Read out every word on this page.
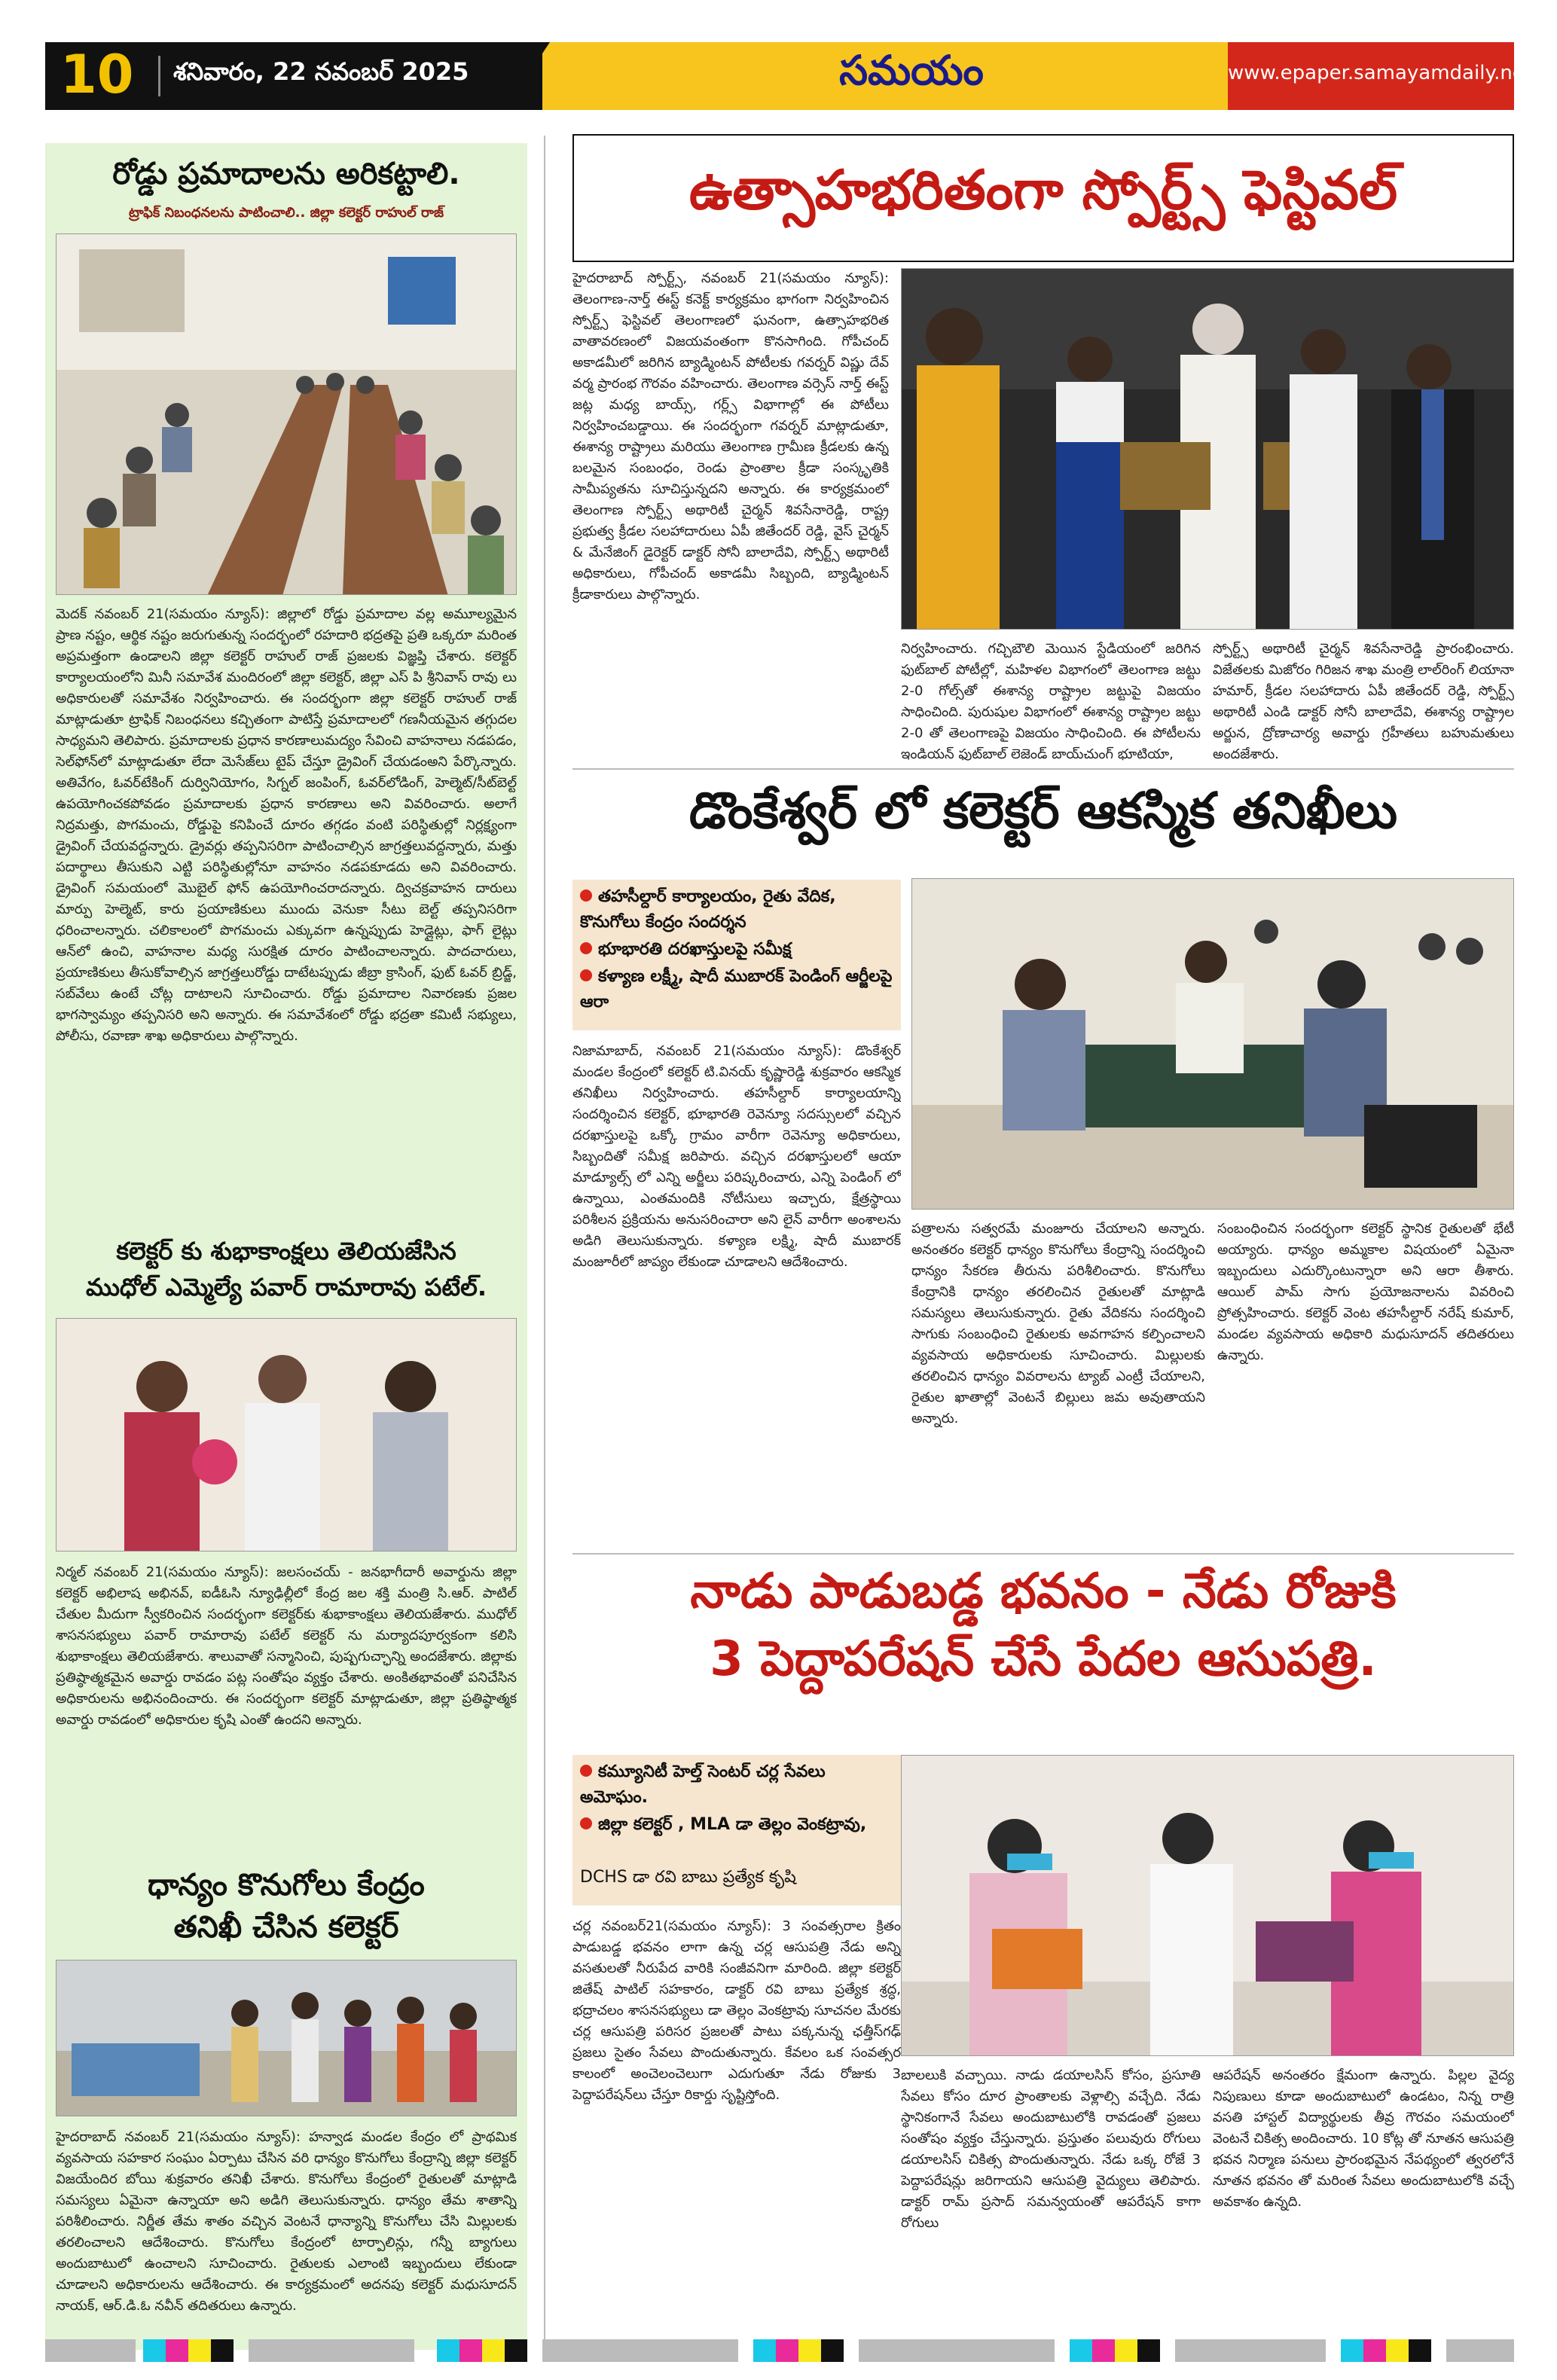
10 శనివారం, 22 నవంబర్ 2025	సమయం	www.epaper.samayamdaily.net
రోడ్డు ప్రమాదాలను అరికట్టాలి.
ట్రాఫిక్ నిబంధనలను పాటించాలి.. జిల్లా కలెక్టర్ రాహుల్ రాజ్
మెదక్ నవంబర్ 21(సమయం న్యూస్): జిల్లాలో రోడ్డు ప్రమాదాల వల్ల అమూల్యమైన ప్రాణ నష్టం, ఆర్థిక నష్టం జరుగుతున్న సందర్భంలో రహదారి భద్రతపై ప్రతి ఒక్కరూ మరింత అప్రమత్తంగా ఉండాలని జిల్లా కలెక్టర్ రాహుల్ రాజ్ ప్రజలకు విజ్ఞప్తి చేశారు. కలెక్టర్ కార్యాలయంలోని మినీ సమావేశ మందిరంలో జిల్లా కలెక్టర్, జిల్లా ఎస్ పి శ్రీనివాస్ రావు లు అధికారులతో సమావేశం నిర్వహించారు. ఈ సందర్భంగా జిల్లా కలెక్టర్ రాహుల్ రాజ్ మాట్లాడుతూ ట్రాఫిక్ నిబంధనలు కచ్చితంగా పాటిస్తే ప్రమాదాలలో గణనీయమైన తగ్గుదల సాధ్యమని తెలిపారు. ప్రమాదాలకు ప్రధాన కారణాలుమద్యం సేవించి వాహనాలు నడపడం, సెల్‌ఫోన్‌లో మాట్లాడుతూ లేదా మెసేజ్‌లు టైప్ చేస్తూ డ్రైవింగ్ చేయడంఅని పేర్కొన్నారు. అతివేగం, ఓవర్‌టేకింగ్ దుర్వినియోగం, సిగ్నల్ జంపింగ్, ఓవర్‌లోడింగ్, హెల్మెట్/సీట్‌బెల్ట్ ఉపయోగించకపోవడం ప్రమాదాలకు ప్రధాన కారణాలు అని వివరించారు. అలాగే నిద్రమత్తు, పొగమంచు, రోడ్డుపై కనిపించే దూరం తగ్గడం వంటి పరిస్థితుల్లో నిర్లక్ష్యంగా డ్రైవింగ్ చేయవద్దన్నారు. డ్రైవర్లు తప్పనిసరిగా పాటించాల్సిన జాగ్రత్తలువద్దన్నారు, మత్తు పదార్థాలు తీసుకుని ఎట్టి పరిస్థితుల్లోనూ వాహనం నడపకూడదు అని వివరించారు. డ్రైవింగ్ సమయంలో మొబైల్ ఫోన్ ఉపయోగించరాదన్నారు. ద్విచక్రవాహన దారులు మార్పు హెల్మెట్, కారు ప్రయాణికులు ముందు వెనుకా సీటు బెల్ట్ తప్పనిసరిగా ధరించాలన్నారు. చలికాలంలో పొగమంచు ఎక్కువగా ఉన్నప్పుడు హెడ్లైట్లు, ఫాగ్ లైట్లు ఆన్‌లో ఉంచి, వాహనాల మధ్య సురక్షిత దూరం పాటించాలన్నారు. పాదచారులు, ప్రయాణికులు తీసుకోవాల్సిన జాగ్రత్తలురోడ్డు దాటేటప్పుడు జీబ్రా క్రాసింగ్, ఫుట్ ఓవర్ బ్రిడ్జ్, సబ్‌వేలు ఉంటే చోట్ల దాటాలని సూచించారు. రోడ్డు ప్రమాదాల నివారణకు ప్రజల భాగస్వామ్యం తప్పనిసరి అని అన్నారు. ఈ సమావేశంలో రోడ్డు భద్రతా కమిటీ సభ్యులు, పోలీసు, రవాణా శాఖ అధికారులు పాల్గొన్నారు.
కలెక్టర్ కు శుభాకాంక్షలు తెలియజేసిన
ముధోల్ ఎమ్మెల్యే పవార్ రామారావు పటేల్.
నిర్మల్ నవంబర్ 21(సమయం న్యూస్): జలసంచయ్ - జనభాగీదారీ అవార్డును జిల్లా కలెక్టర్ అభిలాష అభినవ్, ఐడీఓసి న్యూఢిల్లీలో కేంద్ర జల శక్తి మంత్రి సి.ఆర్. పాటిల్ చేతుల మీదుగా స్వీకరించిన సందర్భంగా కలెక్టర్‌కు శుభాకాంక్షలు తెలియజేశారు. ముధోల్ శాసనసభ్యులు పవార్ రామారావు పటేల్ కలెక్టర్ ను మర్యాదపూర్వకంగా కలిసి శుభాకాంక్షలు తెలియజేశారు. శాలువాతో సన్మానించి, పుష్పగుచ్ఛాన్ని అందజేశారు. జిల్లాకు ప్రతిష్ఠాత్మకమైన అవార్డు రావడం పట్ల సంతోషం వ్యక్తం చేశారు. అంకితభావంతో పనిచేసిన అధికారులను అభినందించారు. ఈ సందర్భంగా కలెక్టర్ మాట్లాడుతూ, జిల్లా ప్రతిష్ఠాత్మక అవార్డు రావడంలో అధికారుల కృషి ఎంతో ఉందని అన్నారు.
ధాన్యం కొనుగోలు కేంద్రం
తనిఖీ చేసిన కలెక్టర్
హైదరాబాద్ నవంబర్ 21(సమయం న్యూస్): హన్వాడ మండల కేంద్రం లో ప్రాథమిక వ్యవసాయ సహకార సంఘం ఏర్పాటు చేసిన వరి ధాన్యం కొనుగోలు కేంద్రాన్ని జిల్లా కలెక్టర్ విజయేందిర బోయి శుక్రవారం తనిఖీ చేశారు. కొనుగోలు కేంద్రంలో రైతులతో మాట్లాడి సమస్యలు ఏమైనా ఉన్నాయా అని అడిగి తెలుసుకున్నారు. ధాన్యం తేమ శాతాన్ని పరిశీలించారు. నిర్ణీత తేమ శాతం వచ్చిన వెంటనే ధాన్యాన్ని కొనుగోలు చేసి మిల్లులకు తరలించాలని ఆదేశించారు. కొనుగోలు కేంద్రంలో టార్పాలిన్లు, గన్నీ బ్యాగులు అందుబాటులో ఉంచాలని సూచించారు. రైతులకు ఎలాంటి ఇబ్బందులు లేకుండా చూడాలని అధికారులను ఆదేశించారు. ఈ కార్యక్రమంలో అదనపు కలెక్టర్ మధుసూదన్ నాయక్, ఆర్.డి.ఓ నవీన్ తదితరులు ఉన్నారు.
ఉత్సాహభరితంగా స్పోర్ట్స్ ఫెస్టివల్
హైదరాబాద్ స్పోర్ట్స్, నవంబర్ 21(సమయం న్యూస్): తెలంగాణ-నార్త్ ఈస్ట్ కనెక్ట్ కార్యక్రమం భాగంగా నిర్వహించిన స్పోర్ట్స్ ఫెస్టివల్ తెలంగాణలో ఘనంగా, ఉత్సాహభరిత వాతావరణంలో విజయవంతంగా కొనసాగింది. గోపీచంద్ అకాడమీలో జరిగిన బ్యాడ్మింటన్ పోటీలకు గవర్నర్ విష్ణు దేవ్ వర్మ ప్రారంభ గౌరవం వహించారు. తెలంగాణ వర్సెస్ నార్త్ ఈస్ట్ జట్ల మధ్య బాయ్స్, గర్ల్స్ విభాగాల్లో ఈ పోటీలు నిర్వహించబడ్డాయి. ఈ సందర్భంగా గవర్నర్ మాట్లాడుతూ, ఈశాన్య రాష్ట్రాలు మరియు తెలంగాణ గ్రామీణ క్రీడలకు ఉన్న బలమైన సంబంధం, రెండు ప్రాంతాల క్రీడా సంస్కృతికి సామీప్యతను సూచిస్తున్నదని అన్నారు. ఈ కార్యక్రమంలో తెలంగాణ స్పోర్ట్స్ అథారిటీ చైర్మన్ శివసేనారెడ్డి, రాష్ట్ర ప్రభుత్వ క్రీడల సలహాదారులు ఏపీ జితేందర్ రెడ్డి, వైస్ చైర్మన్ & మేనేజింగ్ డైరెక్టర్ డాక్టర్ సోనీ బాలాదేవి, స్పోర్ట్స్ అథారిటీ అధికారులు, గోపీచంద్ అకాడమీ సిబ్బంది, బ్యాడ్మింటన్ క్రీడాకారులు పాల్గొన్నారు.
నిర్వహించారు. గచ్చిబౌలి మెయిన స్టేడియంలో జరిగిన ఫుట్‌బాల్ పోటీల్లో, మహిళల విభాగంలో తెలంగాణ జట్టు 2-0 గోల్స్‌తో ఈశాన్య రాష్ట్రాల జట్టుపై విజయం సాధించింది. పురుషుల విభాగంలో ఈశాన్య రాష్ట్రాల జట్టు 2-0 తో తెలంగాణపై విజయం సాధించింది. ఈ పోటీలను ఇండియన్ ఫుట్‌బాల్ లెజెండ్ బాయ్‌చుంగ్ భూటియా,
స్పోర్ట్స్ అథారిటీ చైర్మన్ శివసేనారెడ్డి ప్రారంభించారు. విజేతలకు మిజోరం గిరిజన శాఖ మంత్రి లాల్‌రింగ్ లియానా హమార్, క్రీడల సలహాదారు ఏపీ జితేందర్ రెడ్డి, స్పోర్ట్స్ అథారిటీ ఎండి డాక్టర్ సోనీ బాలాదేవి, ఈశాన్య రాష్ట్రాల అర్జున, ద్రోణాచార్య అవార్డు గ్రహీతలు బహుమతులు అందజేశారు.
డొంకేశ్వర్ లో కలెక్టర్ ఆకస్మిక తనిఖీలు
తహసీల్దార్ కార్యాలయం, రైతు వేదిక, కొనుగోలు కేంద్రం సందర్శన
భూభారతి దరఖాస్తులపై సమీక్ష
కళ్యాణ లక్ష్మీ, షాదీ ముబారక్ పెండింగ్ ఆర్జీలపై ఆరా
నిజామాబాద్, నవంబర్ 21(సమయం న్యూస్): డొంకేశ్వర్ మండల కేంద్రంలో కలెక్టర్ టి.వినయ్ కృష్ణారెడ్డి శుక్రవారం ఆకస్మిక తనిఖీలు నిర్వహించారు. తహసీల్దార్ కార్యాలయాన్ని సందర్శించిన కలెక్టర్, భూభారతి రెవెన్యూ సదస్సులలో వచ్చిన దరఖాస్తులపై ఒక్కో గ్రామం వారీగా రెవెన్యూ అధికారులు, సిబ్బందితో సమీక్ష జరిపారు. వచ్చిన దరఖాస్తులలో ఆయా మాడ్యూల్స్ లో ఎన్ని అర్జీలు పరిష్కరించారు, ఎన్ని పెండింగ్ లో ఉన్నాయి, ఎంతమందికి నోటీసులు ఇచ్చారు, క్షేత్రస్థాయి పరిశీలన ప్రక్రియను అనుసరించారా అని లైన్ వారీగా అంశాలను అడిగి తెలుసుకున్నారు. కళ్యాణ లక్ష్మి, షాదీ ముబారక్ మంజూరీలో జాప్యం లేకుండా చూడాలని ఆదేశించారు.
పత్రాలను సత్వరమే మంజూరు చేయాలని అన్నారు. అనంతరం కలెక్టర్ ధాన్యం కొనుగోలు కేంద్రాన్ని సందర్శించి ధాన్యం సేకరణ తీరును పరిశీలించారు. కొనుగోలు కేంద్రానికి ధాన్యం తరలించిన రైతులతో మాట్లాడి సమస్యలు తెలుసుకున్నారు. రైతు వేదికను సందర్శించి సాగుకు సంబంధించి రైతులకు అవగాహన కల్పించాలని వ్యవసాయ అధికారులకు సూచించారు. మిల్లులకు తరలించిన ధాన్యం వివరాలను ట్యాబ్ ఎంట్రీ చేయాలని, రైతుల ఖాతాల్లో వెంటనే బిల్లులు జమ అవుతాయని అన్నారు.
సంబంధించిన సందర్భంగా కలెక్టర్ స్థానిక రైతులతో భేటీ అయ్యారు. ధాన్యం అమ్మకాల విషయంలో ఏమైనా ఇబ్బందులు ఎదుర్కొంటున్నారా అని ఆరా తీశారు. ఆయిల్ పామ్ సాగు ప్రయోజనాలను వివరించి ప్రోత్సహించారు. కలెక్టర్ వెంట తహసీల్దార్ నరేష్ కుమార్, మండల వ్యవసాయ అధికారి మధుసూదన్ తదితరులు ఉన్నారు.
నాడు పాడుబడ్డ భవనం - నేడు రోజుకి
3 పెద్దాపరేషన్ చేసే పేదల ఆసుపత్రి.
కమ్యూనిటీ హెల్త్ సెంటర్ చర్ల సేవలు అమోఘం.
జిల్లా కలెక్టర్ , MLA డా తెల్లం వెంకట్రావు,
DCHS డా రవి బాబు ప్రత్యేక కృషి
చర్ల నవంబర్21(సమయం న్యూస్): 3 సంవత్సరాల క్రితం పాడుబడ్డ భవనం లాగా ఉన్న చర్ల ఆసుపత్రి నేడు అన్ని వసతులతో నీరుపేద వారికి సంజీవనిగా మారింది. జిల్లా కలెక్టర్ జితేష్ పాటిల్ సహకారం, డాక్టర్ రవి బాబు ప్రత్యేక శ్రద్ధ, భద్రాచలం శాసనసభ్యులు డా తెల్లం వెంకట్రావు సూచనల మేరకు చర్ల ఆసుపత్రి పరిసర ప్రజలతో పాటు పక్కనున్న ఛత్తీస్‌గఢ్ ప్రజలు సైతం సేవలు పొందుతున్నారు. కేవలం ఒక సంవత్సర కాలంలో అంచెలంచెలుగా ఎదుగుతూ నేడు రోజుకు 3 పెద్దాపరేషన్‌లు చేస్తూ రికార్డు సృష్టిస్తోంది.
బాలలుకి వచ్చాయి. నాడు డయాలసిస్ కోసం, ప్రసూతి సేవలు కోసం దూర ప్రాంతాలకు వెళ్లాల్సి వచ్చేది. నేడు స్థానికంగానే సేవలు అందుబాటులోకి రావడంతో ప్రజలు సంతోషం వ్యక్తం చేస్తున్నారు. ప్రస్తుతం పలువురు రోగులు డయాలసిస్ చికిత్స పొందుతున్నారు. నేడు ఒక్క రోజే 3 పెద్దాపరేషన్లు జరిగాయని ఆసుపత్రి వైద్యులు తెలిపారు. డాక్టర్ రామ్ ప్రసాద్ సమన్వయంతో ఆపరేషన్ కాగా రోగులు
ఆపరేషన్ అనంతరం క్షేమంగా ఉన్నారు. పిల్లల వైద్య నిపుణులు కూడా అందుబాటులో ఉండటం, నిన్న రాత్రి వసతి హాస్టల్ విద్యార్థులకు తీవ్ర గౌరవం సమయంలో వెంటనే చికిత్స అందించారు. 10 కోట్ల తో నూతన ఆసుపత్రి భవన నిర్మాణ పనులు ప్రారంభమైన నేపథ్యంలో త్వరలోనే నూతన భవనం తో మరింత సేవలు అందుబాటులోకి వచ్చే అవకాశం ఉన్నది.
